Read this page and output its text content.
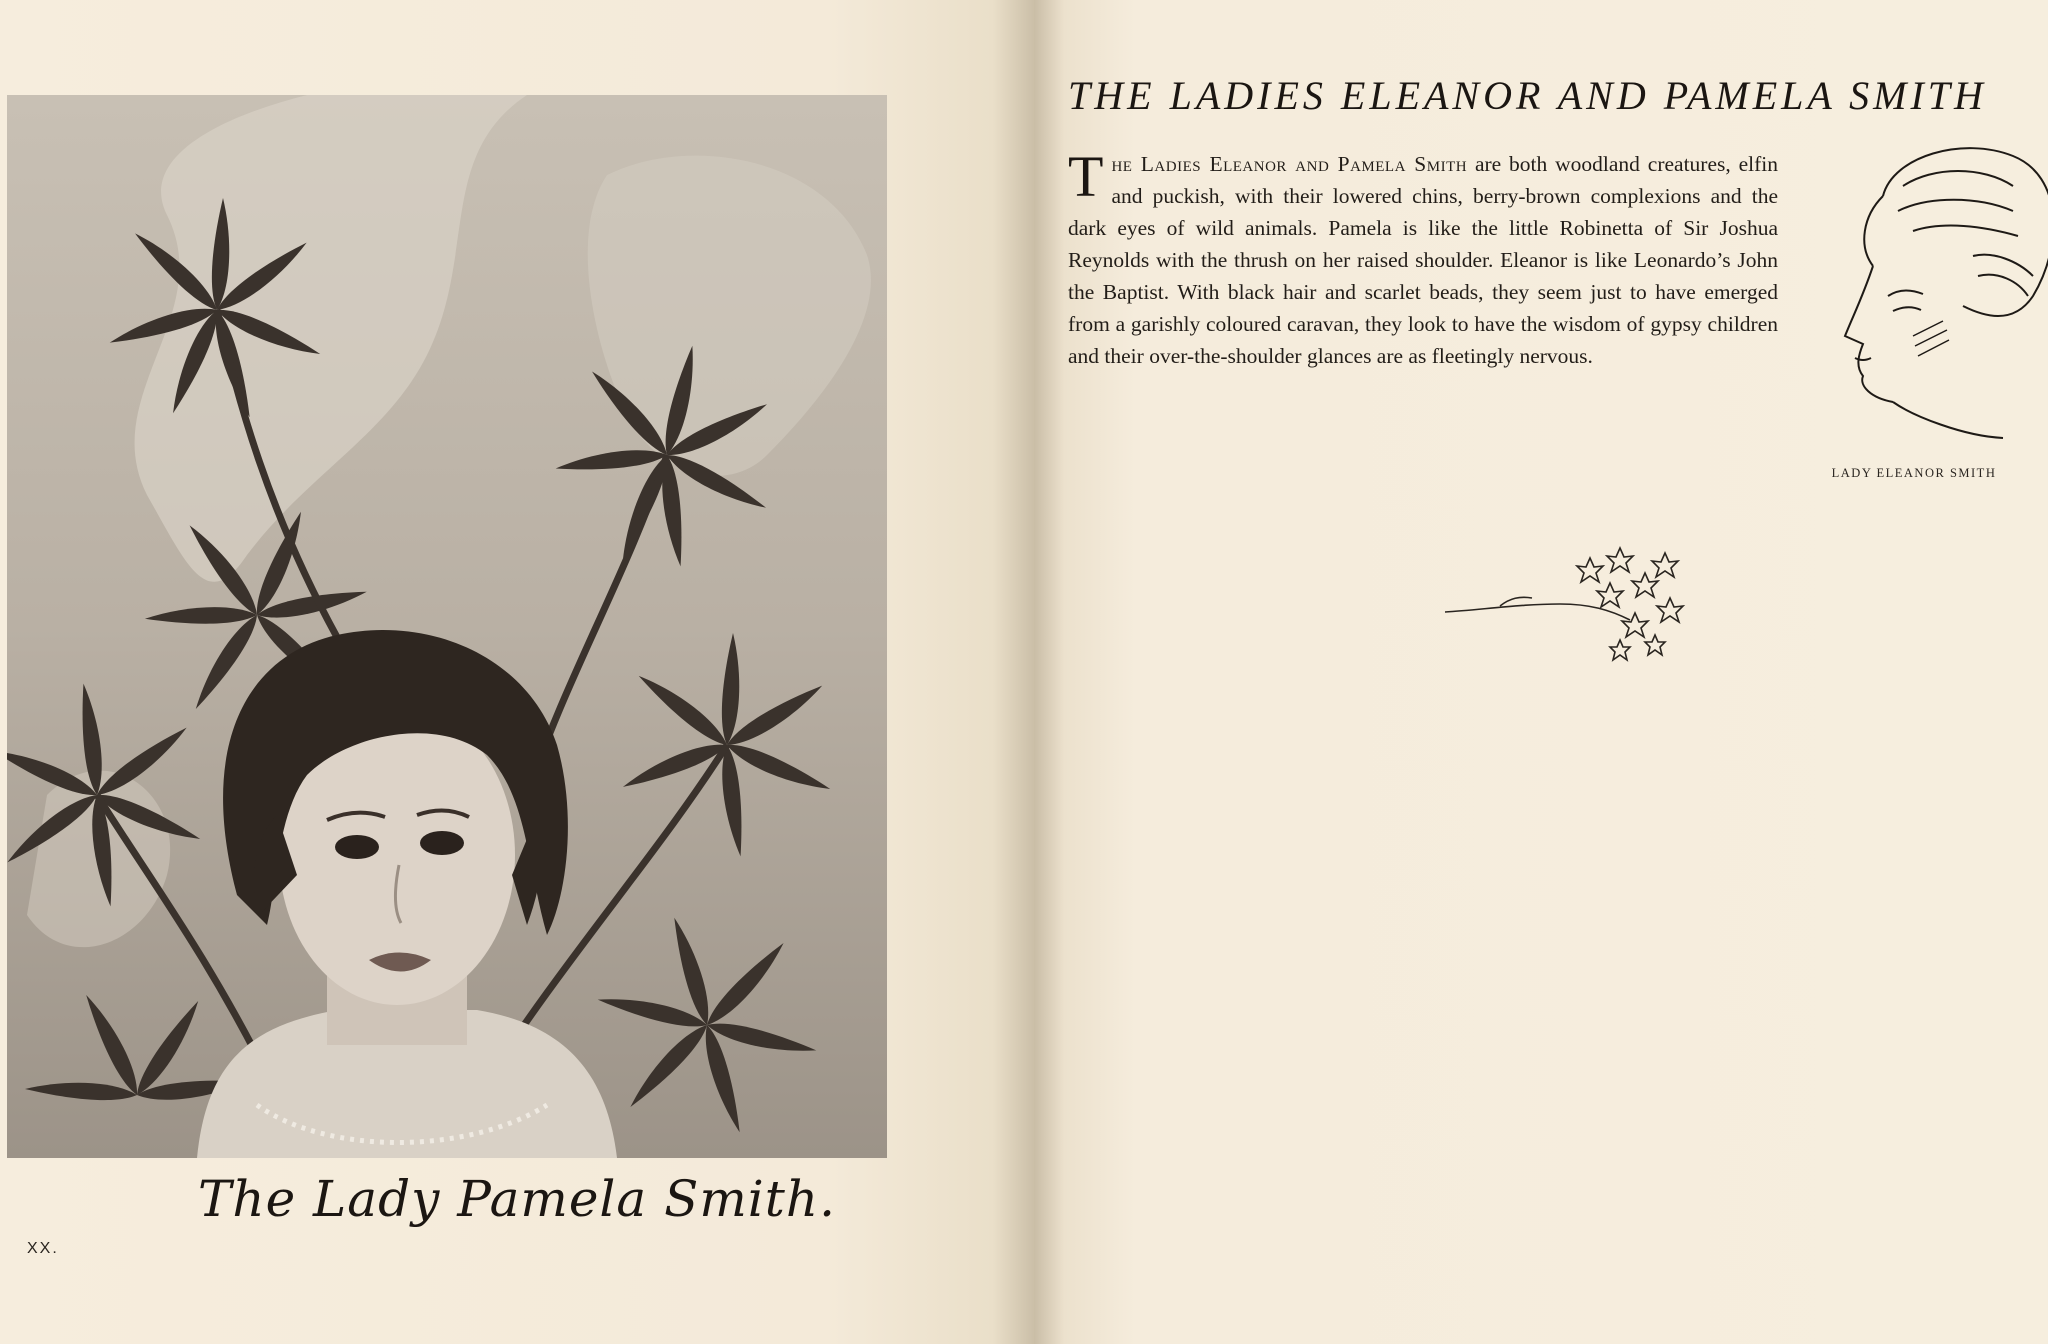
The Lady Pamela Smith.
XX.
THE LADIES ELEANOR AND PAMELA SMITH
The Ladies Eleanor and Pamela Smith are both woodland creatures, elfin and puckish, with their lowered chins, berry-brown complexions and the dark eyes of wild animals. Pamela is like the little Robinetta of Sir Joshua Reynolds with the thrush on her raised shoulder. Eleanor is like Leonardo’s John the Baptist. With black hair and scarlet beads, they seem just to have emerged from a garishly coloured caravan, they look to have the wisdom of gypsy children and their over-the-shoulder glances are as fleetingly nervous.
LADY ELEANOR SMITH
